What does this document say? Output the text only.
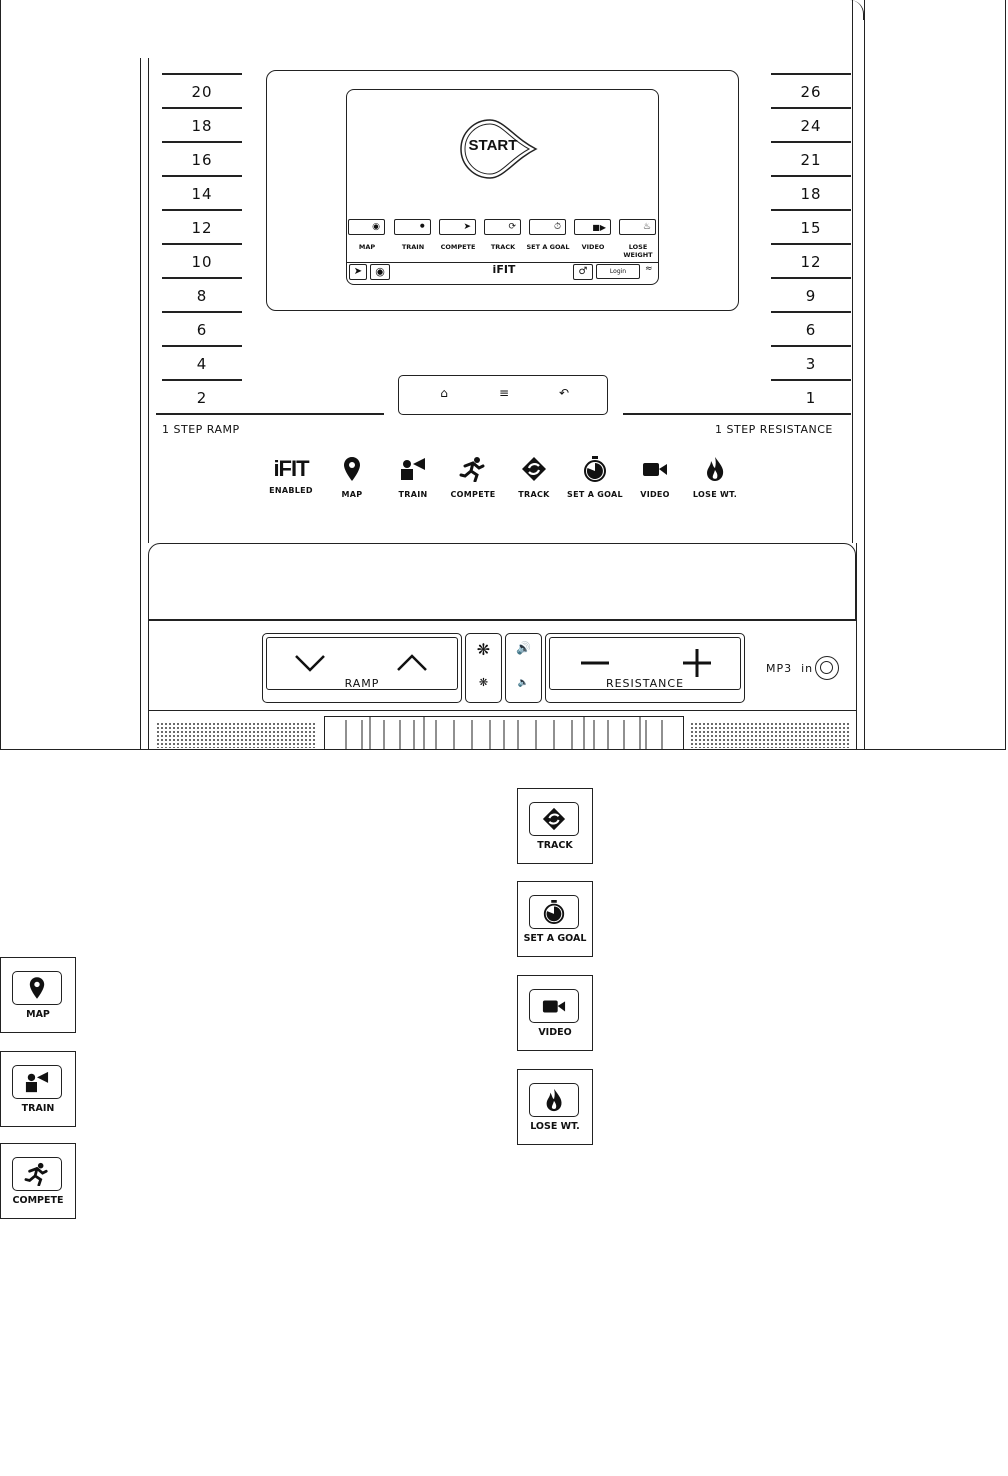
20
18
16
14
12
10
8
6
4
2
1 STEP RAMP
26
24
21
18
15
12
9
6
3
1
1 STEP RESISTANCE
START
◉	⚫	➤	⟳	⏱	■▶	♨
MAP	TRAIN	COMPETE	TRACK	SET A GOAL	VIDEO	LOSE WEIGHT
➤	◉	iFIT	♂	Login	≈
⌂	≡	↶
iFIT
ENABLED	MAP	TRAIN	COMPETE	TRACK	SET A GOAL	VIDEO	LOSE WT.
RAMP
❋
❋
🔊
🔈	RESISTANCE
MP3  in
MAP
TRAIN
COMPETE
TRACK
SET A GOAL
VIDEO
LOSE WT.
